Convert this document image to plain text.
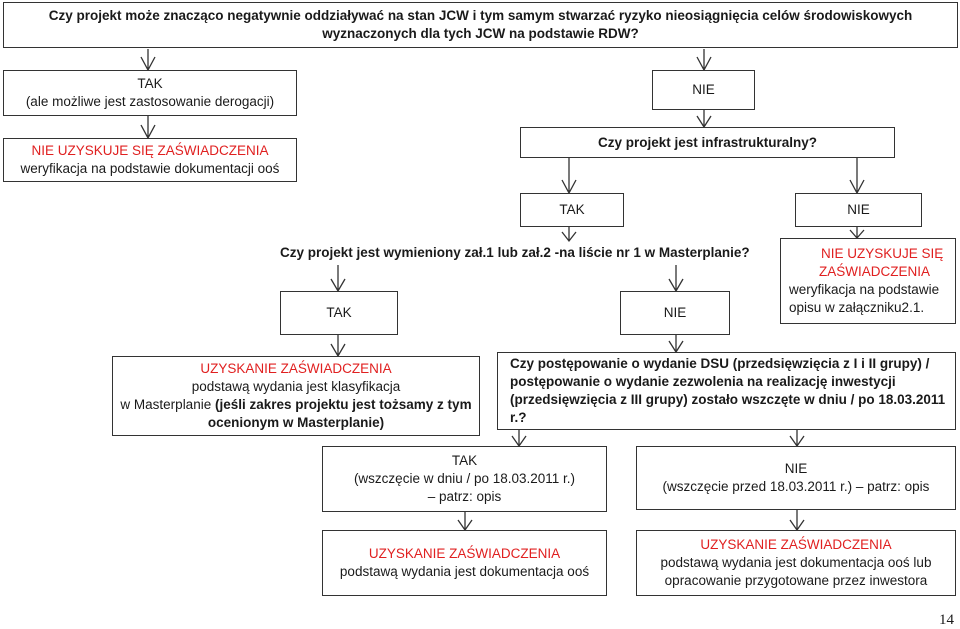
Czy projekt może znacząco negatywnie oddziaływać na stan JCW i tym samym stwarzać ryzyko nieosiągnięcia celów środowiskowych
wyznaczonych dla tych JCW na podstawie RDW?
TAK
(ale możliwe jest zastosowanie derogacji)
NIE
NIE UZYSKUJE SIĘ ZAŚWIADCZENIA
weryfikacja na podstawie dokumentacji ooś
Czy projekt jest infrastrukturalny?
TAK	NIE
Czy projekt jest wymieniony zał.1 lub zał.2 -na liście nr 1 w Masterplanie?
TAK	NIE
NIE UZYSKUJE SIĘ
ZAŚWIADCZENIA
weryfikacja na podstawie
opisu w załączniku2.1.
UZYSKANIE ZAŚWIADCZENIA
podstawą wydania jest klasyfikacja
w Masterplanie (jeśli zakres projektu jest tożsamy z tym
ocenionym w Masterplanie)
Czy postępowanie o wydanie DSU (przedsięwzięcia z I i II grupy) /
postępowanie o wydanie zezwolenia na realizację inwestycji
(przedsięwzięcia z III grupy) zostało wszczęte w dniu / po 18.03.2011 r.?
TAK
(wszczęcie w dniu / po 18.03.2011 r.)
– patrz: opis
NIE
(wszczęcie przed 18.03.2011 r.) – patrz: opis
UZYSKANIE ZAŚWIADCZENIA
podstawą wydania jest dokumentacja ooś
UZYSKANIE ZAŚWIADCZENIA
podstawą wydania jest dokumentacja ooś lub
opracowanie przygotowane przez inwestora
14
